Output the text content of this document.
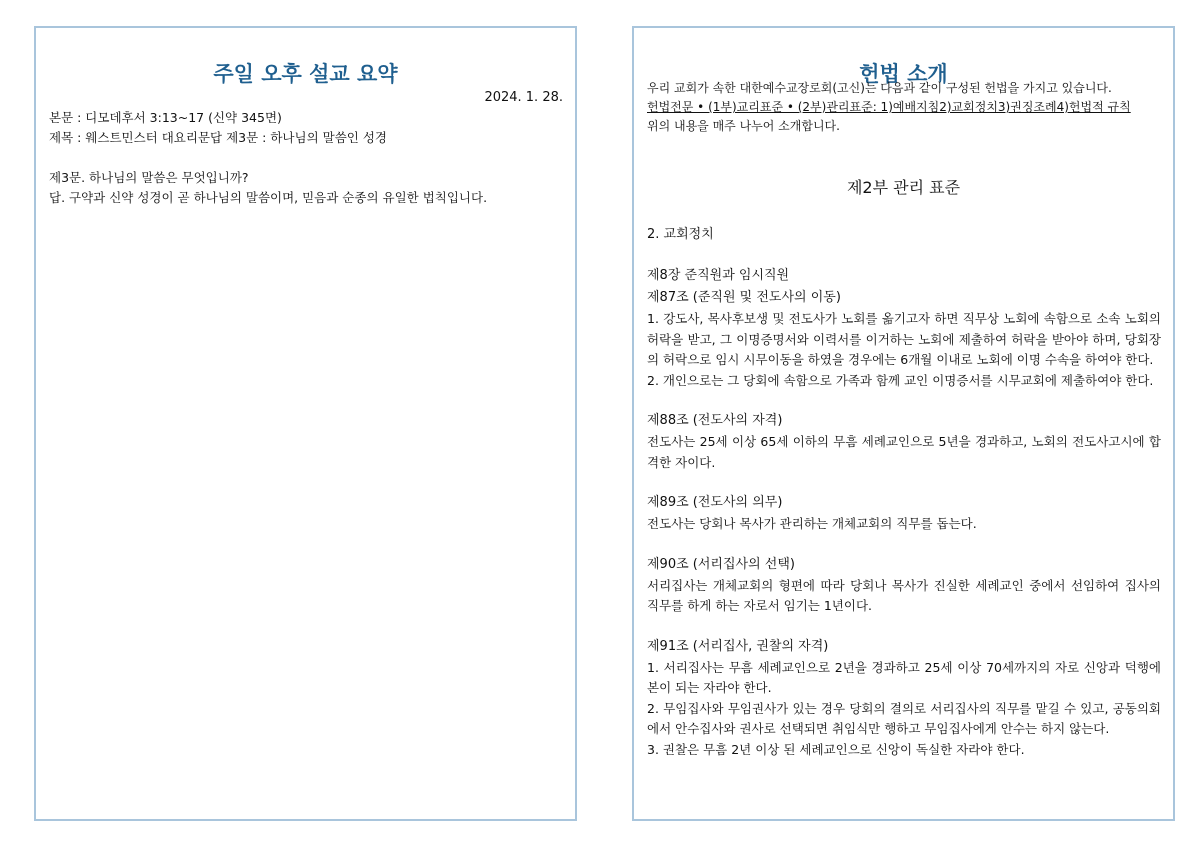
주일 오후 설교 요약
2024. 1. 28.
본문 : 디모데후서 3:13~17 (신약 345면)
제목 : 웨스트민스터 대요리문답 제3문 : 하나님의 말씀인 성경
제3문. 하나님의 말씀은 무엇입니까?
답. 구약과 신약 성경이 곧 하나님의 말씀이며, 믿음과 순종의 유일한 법칙입니다.
헌법 소개
우리 교회가 속한 대한예수교장로회(고신)는 다음과 같이 구성된 헌법을 가지고 있습니다.
헌법전문 • (1부)교리표준 • (2부)관리표준: 1)예배지침2)교회정치3)권징조례4)헌법적 규칙
위의 내용을 매주 나누어 소개합니다.
제2부 관리 표준
2. 교회정치
제8장 준직원과 임시직원
제87조 (준직원 및 전도사의 이동)
1. 강도사, 목사후보생 및 전도사가 노회를 옮기고자 하면 직무상 노회에 속함으로 소속 노회의 허락을 받고, 그 이명증명서와 이력서를 이거하는 노회에 제출하여 허락을 받아야 하며, 당회장의 허락으로 임시 시무이동을 하였을 경우에는 6개월 이내로 노회에 이명 수속을 하여야 한다.
2. 개인으로는 그 당회에 속함으로 가족과 함께 교인 이명증서를 시무교회에 제출하여야 한다.
제88조 (전도사의 자격)
전도사는 25세 이상 65세 이하의 무흠 세례교인으로 5년을 경과하고, 노회의 전도사고시에 합격한 자이다.
제89조 (전도사의 의무)
전도사는 당회나 목사가 관리하는 개체교회의 직무를 돕는다.
제90조 (서리집사의 선택)
서리집사는 개체교회의 형편에 따라 당회나 목사가 진실한 세례교인 중에서 선임하여 집사의 직무를 하게 하는 자로서 임기는 1년이다.
제91조 (서리집사, 권찰의 자격)
1. 서리집사는 무흠 세례교인으로 2년을 경과하고 25세 이상 70세까지의 자로 신앙과 덕행에 본이 되는 자라야 한다.
2. 무임집사와 무임권사가 있는 경우 당회의 결의로 서리집사의 직무를 맡길 수 있고, 공동의회에서 안수집사와 권사로 선택되면 취임식만 행하고 무임집사에게 안수는 하지 않는다.
3. 권찰은 무흠 2년 이상 된 세례교인으로 신앙이 독실한 자라야 한다.
